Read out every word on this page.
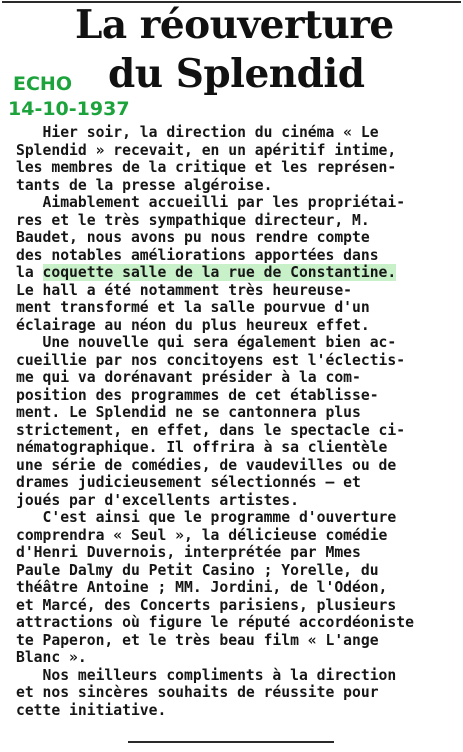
La réouverture
du Splendid
ECHO
14-10-1937
Hier soir, la direction du cinéma « Le
Splendid » recevait, en un apéritif intime,
les membres de la critique et les représen-
tants de la presse algéroise.
Aimablement accueilli par les propriétai-
res et le très sympathique directeur, M.
Baudet, nous avons pu nous rendre compte
des notables améliorations apportées dans
la coquette salle de la rue de Constantine.
Le hall a été notamment très heureuse-
ment transformé et la salle pourvue d'un
éclairage au néon du plus heureux effet.
Une nouvelle qui sera également bien ac-
cueillie par nos concitoyens est l'éclectis-
me qui va dorénavant présider à la com-
position des programmes de cet établisse-
ment. Le Splendid ne se cantonnera plus
strictement, en effet, dans le spectacle ci-
nématographique. Il offrira à sa clientèle
une série de comédies, de vaudevilles ou de
drames judicieusement sélectionnés — et
joués par d'excellents artistes.
C'est ainsi que le programme d'ouverture
comprendra « Seul », la délicieuse comédie
d'Henri Duvernois, interprétée par Mmes
Paule Dalmy du Petit Casino ; Yorelle, du
théâtre Antoine ; MM. Jordini, de l'Odéon,
et Marcé, des Concerts parisiens, plusieurs
attractions où figure le réputé accordéoniste
te Paperon, et le très beau film « L'ange
Blanc ».
Nos meilleurs compliments à la direction
et nos sincères souhaits de réussite pour
cette initiative.
